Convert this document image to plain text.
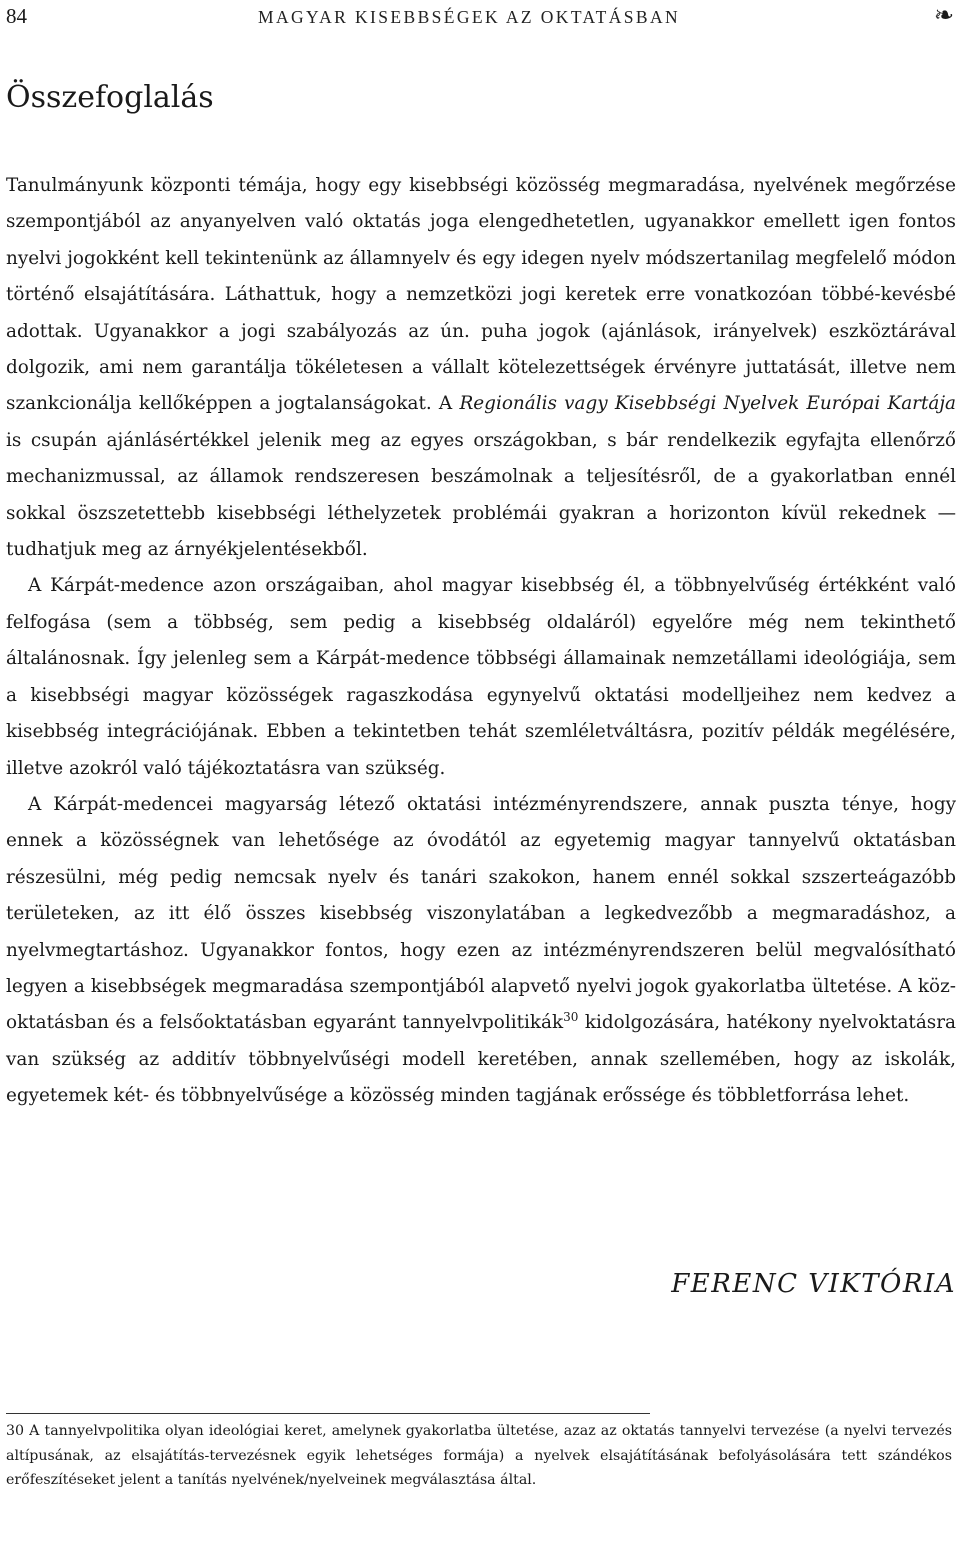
84	MAGYAR KISEBBSÉGEK AZ OKTATÁSBAN	❧
Összefoglalás

Tanulmányunk központi témája, hogy egy kisebbségi közösség megmaradása, nyelvének megőrzése szempontjából az anyanyelven való oktatás joga elengedhetetlen, ugyanakkor emellett igen fontos nyelvi jogokként kell tekintenünk az államnyelv és egy idegen nyelv módszertanilag megfelelő módon történő elsajátítására. Láthattuk, hogy a nemzetközi jogi keretek erre vonatkozóan többé-kevésbé adottak. Ugyanakkor a jogi szabályozás az ún. puha jogok (ajánlások, irányelvek) eszköztárával dolgozik, ami nem garantálja tökéletesen a vállalt kötelezettségek érvényre juttatását, illetve nem szankcionálja kellőképpen a jogtalanságokat. A Regionális vagy Kisebbségi Nyelvek Európai Kartája is csupán ajánlásértékkel jelenik meg az egyes országokban, s bár rendelkezik egyfajta ellenőrző mechanizmussal, az államok rendszeresen beszámolnak a teljesítésről, de a gyakorlatban ennél sokkal öszszetettebb kisebbségi léthelyzetek problémái gyakran a horizonton kívül rekednek — tudhatjuk meg az árnyékjelentésekből.

A Kárpát-medence azon országaiban, ahol magyar kisebbség él, a többnyelvűség értékként való felfogása (sem a többség, sem pedig a kisebbség oldaláról) egyelőre még nem tekinthető általánosnak. Így jelenleg sem a Kárpát-medence többségi államainak nemzetállami ideológiája, sem a kisebbségi magyar közösségek ragaszkodása egynyelvű oktatási modelljeihez nem kedvez a kisebbség integrációjának. Ebben a tekintetben tehát szemléletváltásra, pozitív példák megélésére, illetve azokról való tájékoztatásra van szükség.

A Kárpát-medencei magyarság létező oktatási intézményrendszere, annak puszta ténye, hogy ennek a közösségnek van lehetősége az óvodától az egyetemig magyar tannyelvű oktatásban részesülni, még pedig nemcsak nyelv és tanári szakokon, hanem ennél sokkal szszerteágazóbb területeken, az itt élő összes kisebbség viszonylatában a legkedvezőbb a megmaradáshoz, a nyelvmegtartáshoz. Ugyanakkor fontos, hogy ezen az intézményrendszeren belül megvalósítható legyen a kisebbségek megmaradása szempontjából alapvető nyelvi jogok gyakorlatba ültetése. A közoktatásban és a felsőoktatásban egyaránt tannyelvpolitikák$^{30}$ kidolgozására, hatékony nyelvoktatásra van szükség az additív többnyelvűségi modell keretében, annak szellemében, hogy az iskolák, egyetemek két- és többnyelvűsége a közösség minden tagjának erőssége és többletforrása lehet.

FERENC VIKTÓRIA

30 A tannyelvpolitika olyan ideológiai keret, amelynek gyakorlatba ültetése, azaz az oktatás tannyelvi tervezése (a nyelvi tervezés altípusának, az elsajátítás-tervezésnek egyik lehetséges formája) a nyelvek elsajátításának befolyásolására tett szándékos erőfeszítéseket jelent a tanítás nyelvének/nyelveinek megválasztása által.
